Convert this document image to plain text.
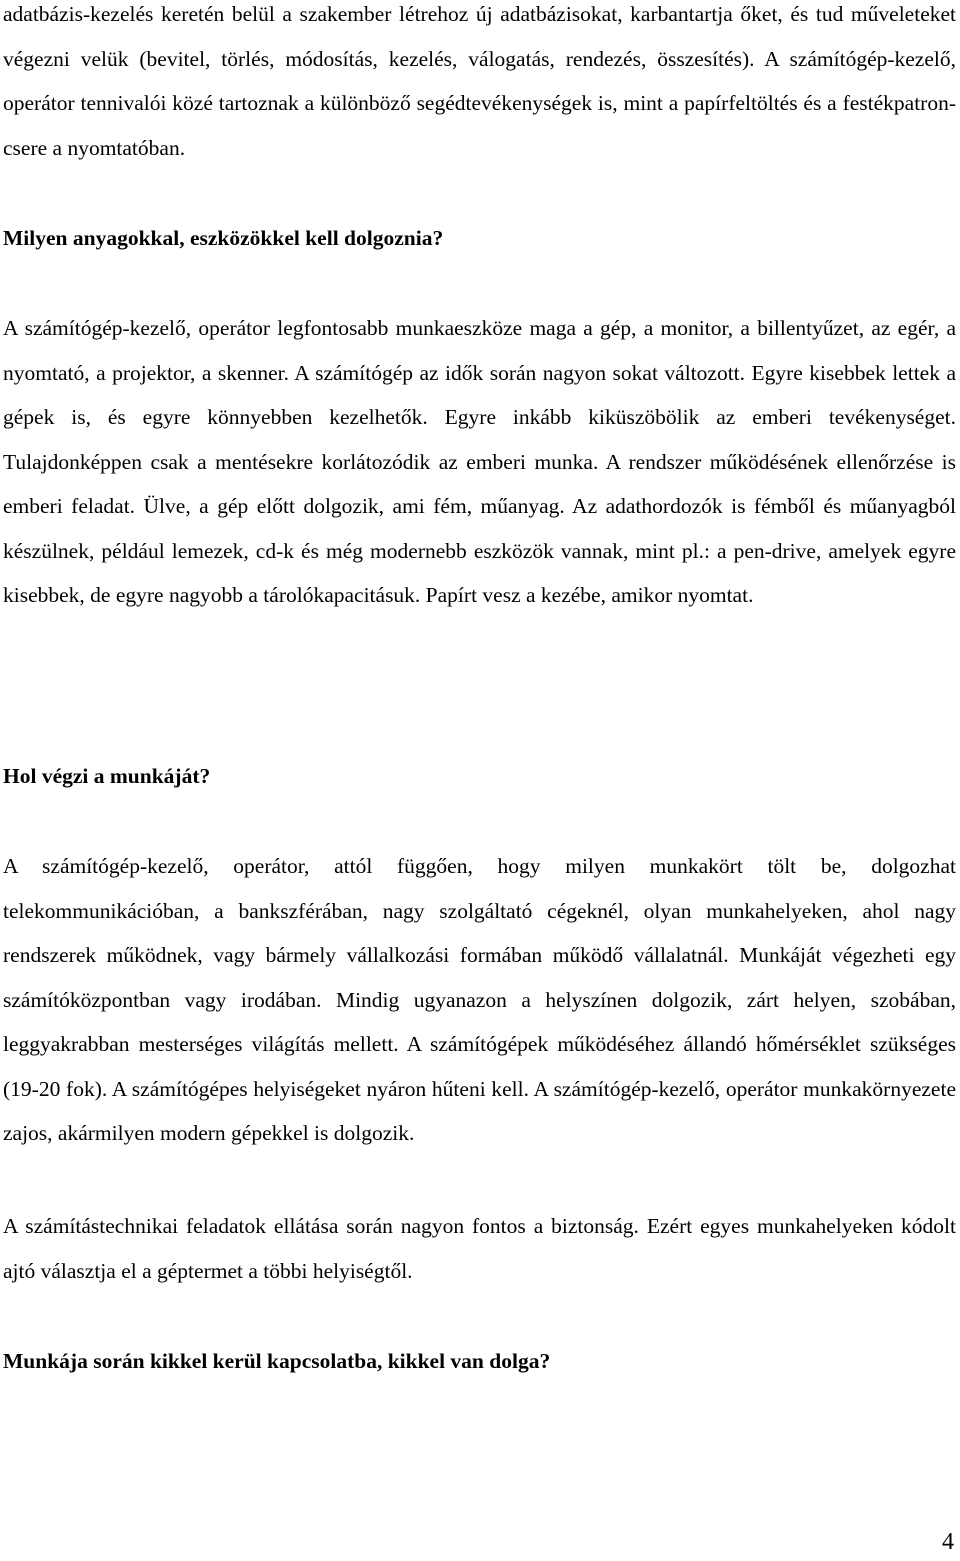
adatbázis-kezelés keretén belül a szakember létrehoz új adatbázisokat, karbantartja őket, és tud műveleteket végezni velük (bevitel, törlés, módosítás, kezelés, válogatás, rendezés, összesítés). A számítógép-kezelő, operátor tennivalói közé tartoznak a különböző segédtevékenységek is, mint a papírfeltöltés és a festékpatron-csere a nyomtatóban.

Milyen anyagokkal, eszközökkel kell dolgoznia?

A számítógép-kezelő, operátor legfontosabb munkaeszköze maga a gép, a monitor, a billentyűzet, az egér, a nyomtató, a projektor, a skenner. A számítógép az idők során nagyon sokat változott. Egyre kisebbek lettek a gépek is, és egyre könnyebben kezelhetők. Egyre inkább kiküszöbölik az emberi tevékenységet. Tulajdonképpen csak a mentésekre korlátozódik az emberi munka. A rendszer működésének ellenőrzése is emberi feladat. Ülve, a gép előtt dolgozik, ami fém, műanyag. Az adathordozók is fémből és műanyagból készülnek, például lemezek, cd-k és még modernebb eszközök vannak, mint pl.: a pen-drive, amelyek egyre kisebbek, de egyre nagyobb a tárolókapacitásuk. Papírt vesz a kezébe, amikor nyomtat.

Hol végzi a munkáját?

A számítógép-kezelő, operátor, attól függően, hogy milyen munkakört tölt be, dolgozhat telekommunikációban, a bankszférában, nagy szolgáltató cégeknél, olyan munkahelyeken, ahol nagy rendszerek működnek, vagy bármely vállalkozási formában működő vállalatnál. Munkáját végezheti egy számítóközpontban vagy irodában. Mindig ugyanazon a helyszínen dolgozik, zárt helyen, szobában, leggyakrabban mesterséges világítás mellett. A számítógépek működéséhez állandó hőmérséklet szükséges (19-20 fok). A számítógépes helyiségeket nyáron hűteni kell. A számítógép-kezelő, operátor munkakörnyezete zajos, akármilyen modern gépekkel is dolgozik.

A számítástechnikai feladatok ellátása során nagyon fontos a biztonság. Ezért egyes munkahelyeken kódolt ajtó választja el a géptermet a többi helyiségtől.

Munkája során kikkel kerül kapcsolatba, kikkel van dolga?

4
